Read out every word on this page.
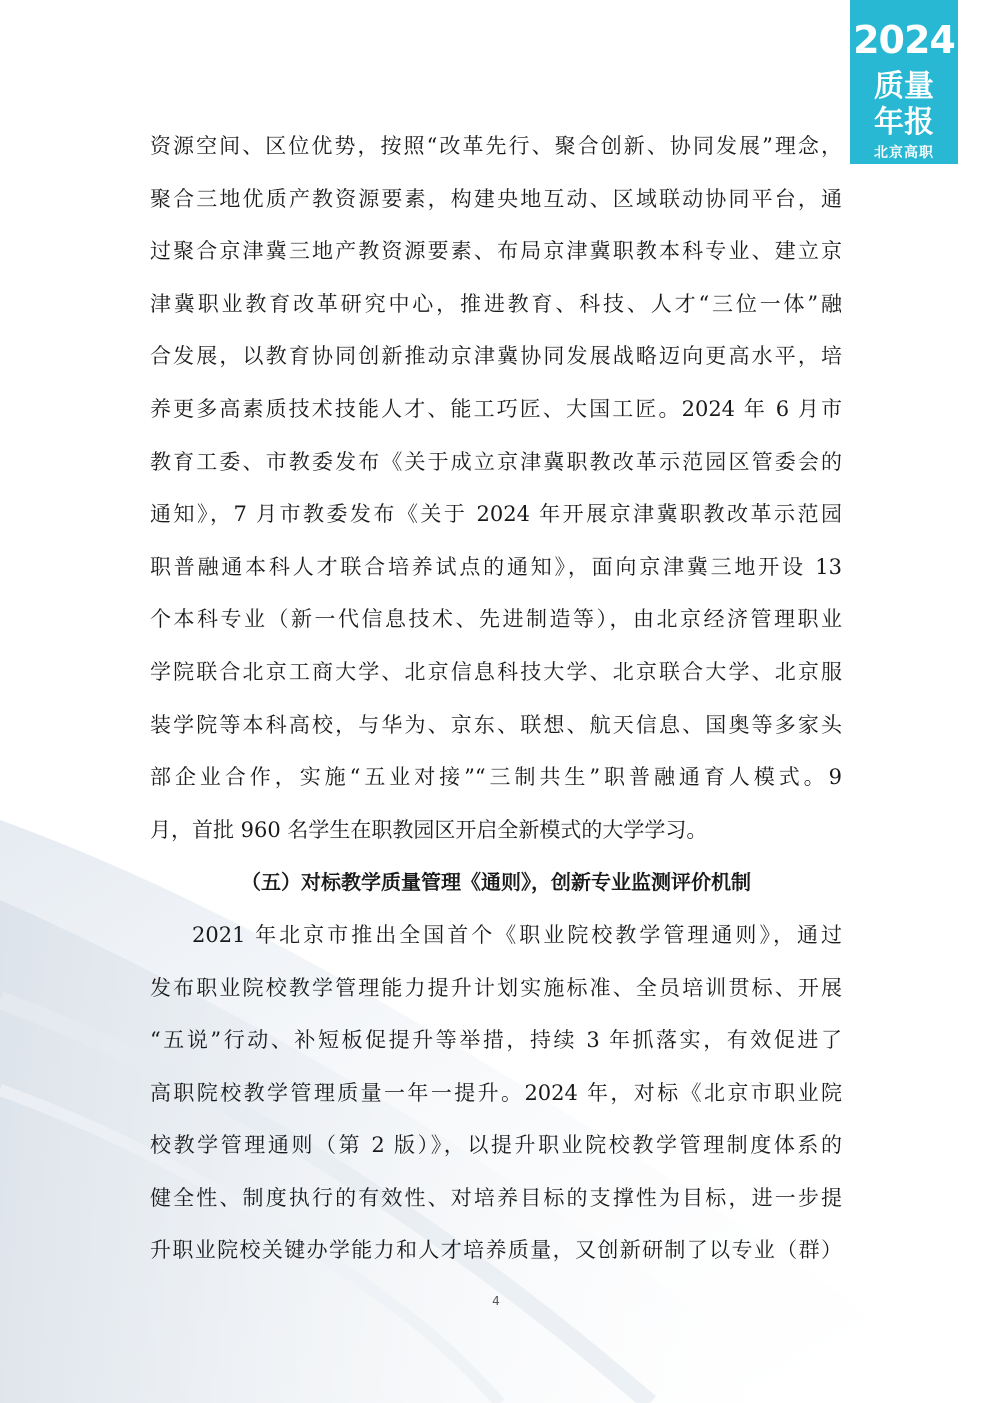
2024
质量
年报
北京高职
资源空间、区位优势，按照“改革先行、聚合创新、协同发展”理念，
聚合三地优质产教资源要素，构建央地互动、区域联动协同平台，通
过聚合京津冀三地产教资源要素、布局京津冀职教本科专业、建立京
津冀职业教育改革研究中心，推进教育、科技、人才“三位一体”融
合发展，以教育协同创新推动京津冀协同发展战略迈向更高水平，培
养更多高素质技术技能人才、能工巧匠、大国工匠。2024 年 6 月市
教育工委、市教委发布《关于成立京津冀职教改革示范园区管委会的
通知》，7 月市教委发布《关于 2024 年开展京津冀职教改革示范园
职普融通本科人才联合培养试点的通知》，面向京津冀三地开设 13
个本科专业（新一代信息技术、先进制造等），由北京经济管理职业
学院联合北京工商大学、北京信息科技大学、北京联合大学、北京服
装学院等本科高校，与华为、京东、联想、航天信息、国奥等多家头
部企业合作，实施“五业对接”“三制共生”职普融通育人模式。9
月，首批 960 名学生在职教园区开启全新模式的大学学习。
（五）对标教学质量管理《通则》，创新专业监测评价机制
2021 年北京市推出全国首个《职业院校教学管理通则》，通过
发布职业院校教学管理能力提升计划实施标准、全员培训贯标、开展
“五说”行动、补短板促提升等举措，持续 3 年抓落实，有效促进了
高职院校教学管理质量一年一提升。2024 年，对标《北京市职业院
校教学管理通则（第 2 版）》，以提升职业院校教学管理制度体系的
健全性、制度执行的有效性、对培养目标的支撑性为目标，进一步提
升职业院校关键办学能力和人才培养质量，又创新研制了以专业（群）
4
